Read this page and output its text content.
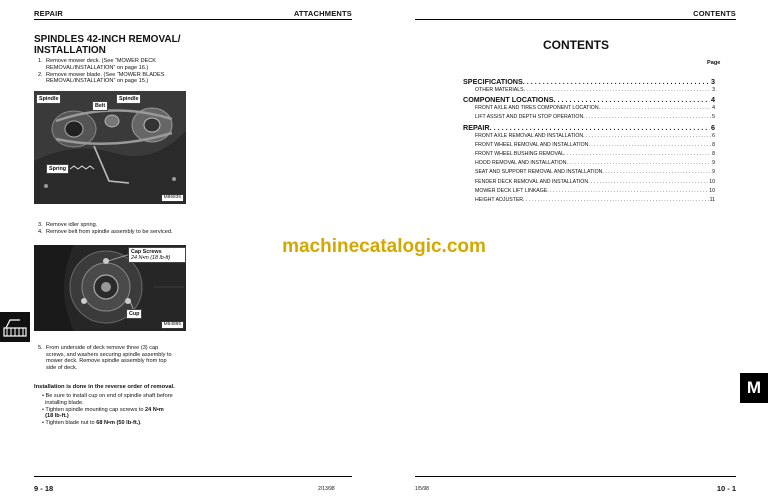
REPAIR	ATTACHMENTS
SPINDLES 42-INCH REMOVAL/ INSTALLATION
1. Remove mower deck. (See “MOWER DECK
REMOVAL/INSTALLATION” on page 16.)
2. Remove mower blade. (See “MOWER BLADES
REMOVAL/INSTALLATION” on page 15.)
Spindle
Belt
Spindle
Spring
M86835
3. Remove idler spring.
4. Remove belt from spindle assembly to be serviced.
Cap Screws
24 N•m (18 lb-ft)
Cup
M54885
5. From underside of deck remove three (3) cap
screws, and washers securing spindle assembly to
mower deck. Remove spindle assembly from top
side of deck.
Installation is done in the reverse order of removal.
• Be sure to install cup on end of spindle shaft before
installing blade.
• Tighten spindle mounting cap screws to 24 N•m
(18 lb-ft.)
• Tighten blade nut to 68 N•m (50 lb-ft.).
9 - 18	2/13/98
CONTENTS
CONTENTS
Page
SPECIFICATIONS . . .	3
OTHER MATERIALS . . .	3
COMPONENT LOCATIONS . . .	4
FRONT AXLE AND TIRES COMPONENT LOCATION . . .	4
LIFT ASSIST AND DEPTH STOP OPERATION . . .	5
REPAIR . . .	6
FRONT AXLE REMOVAL AND INSTALLATION . . .	6
FRONT WHEEL REMOVAL AND INSTALLATION . . .	8
FRONT WHEEL BUSHING REMOVAL . . .	8
HOOD REMOVAL AND INSTALLATION . . .	9
SEAT AND SUPPORT REMOVAL AND INSTALLATION . . .	9
FENDER DECK REMOVAL AND INSTALLATION . . .	10
MOWER DECK LIFT LINKAGE . . .	10
HEIGHT ADJUSTER . . .	11
1/5/98	10 - 1
M
machinecatalogic.com
